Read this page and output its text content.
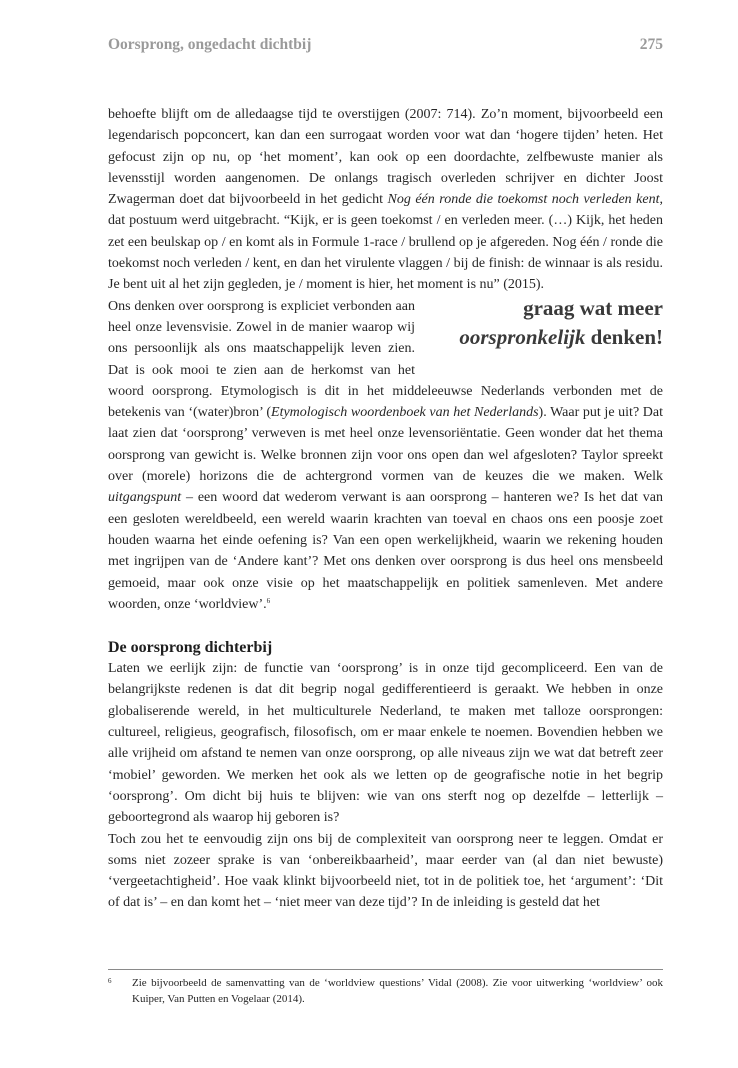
Oorsprong, ongedacht dichtbij	275

behoefte blijft om de alledaagse tijd te overstijgen (2007: 714). Zo’n moment, bijvoorbeeld een legendarisch popconcert, kan dan een surrogaat worden voor wat dan ‘hogere tijden’ heten. Het gefocust zijn op nu, op ‘het moment’, kan ook op een doordachte, zelfbewuste manier als levensstijl worden aangenomen. De onlangs tragisch overleden schrijver en dichter Joost Zwagerman doet dat bijvoorbeeld in het gedicht Nog één ronde die toekomst noch verleden kent, dat postuum werd uitgebracht. “Kijk, er is geen toekomst / en verleden meer. (…) Kijk, het heden zet een beulskap op / en komt als in Formule 1-race / brullend op je afgereden. Nog één / ronde die toekomst noch verleden / kent, en dan het virulente vlaggen / bij de finish: de winnaar is als residu. Je bent uit al het zijn gegleden, je / moment is hier, het moment is nu” (2015).

graag wat meer
oorspronkelijk denken!

Ons denken over oorsprong is expliciet verbonden aan heel onze levensvisie. Zowel in de manier waarop wij ons persoonlijk als ons maatschappelijk leven zien. Dat is ook mooi te zien aan de herkomst van het woord oorsprong. Etymologisch is dit in het middeleeuwse Nederlands verbonden met de betekenis van ‘(water)bron’ (Etymologisch woordenboek van het Nederlands). Waar put je uit? Dat laat zien dat ‘oorsprong’ verweven is met heel onze levensoriëntatie. Geen wonder dat het thema oorsprong van gewicht is. Welke bronnen zijn voor ons open dan wel afgesloten? Taylor spreekt over (morele) horizons die de achtergrond vormen van de keuzes die we maken. Welk uitgangspunt – een woord dat wederom verwant is aan oorsprong – hanteren we? Is het dat van een gesloten wereldbeeld, een wereld waarin krachten van toeval en chaos ons een poosje zoet houden waarna het einde oefening is? Van een open werkelijkheid, waarin we rekening houden met ingrijpen van de ‘Andere kant’? Met ons denken over oorsprong is dus heel ons mensbeeld gemoeid, maar ook onze visie op het maatschappelijk en politiek samenleven. Met andere woorden, onze ‘worldview’.$^6$

De oorsprong dichterbij

Laten we eerlijk zijn: de functie van ‘oorsprong’ is in onze tijd gecompliceerd. Een van de belangrijkste redenen is dat dit begrip nogal gedifferentieerd is geraakt. We hebben in onze globaliserende wereld, in het multiculturele Nederland, te maken met talloze oorsprongen: cultureel, religieus, geografisch, filosofisch, om er maar enkele te noemen. Bovendien hebben we alle vrijheid om afstand te nemen van onze oorsprong, op alle niveaus zijn we wat dat betreft zeer ‘mobiel’ geworden. We merken het ook als we letten op de geografische notie in het begrip ‘oorsprong’. Om dicht bij huis te blijven: wie van ons sterft nog op dezelfde – letterlijk – geboortegrond als waarop hij geboren is?

Toch zou het te eenvoudig zijn ons bij de complexiteit van oorsprong neer te leggen. Omdat er soms niet zozeer sprake is van ‘onbereikbaarheid’, maar eerder van (al dan niet bewuste) ‘vergeetachtigheid’. Hoe vaak klinkt bijvoorbeeld niet, tot in de politiek toe, het ‘argument’: ‘Dit of dat is’ – en dan komt het – ‘niet meer van deze tijd’? In de inleiding is gesteld dat het

6 Zie bijvoorbeeld de samenvatting van de ‘worldview questions’ Vidal (2008). Zie voor uitwerking ‘worldview’ ook Kuiper, Van Putten en Vogelaar (2014).
